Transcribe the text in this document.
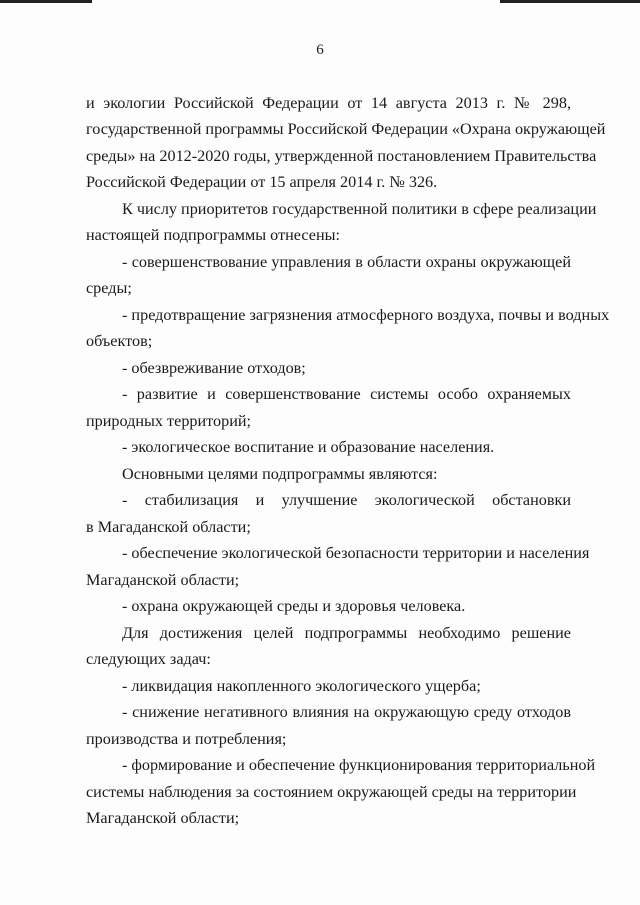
6
и экологии Российской Федерации от 14 августа 2013 г. № 298,
государственной программы Российской Федерации «Охрана окружающей
среды» на 2012-2020 годы, утвержденной постановлением Правительства
Российской Федерации от 15 апреля 2014 г. № 326.
К числу приоритетов государственной политики в сфере реализации
настоящей подпрограммы отнесены:
- совершенствование управления в области охраны окружающей
среды;
- предотвращение загрязнения атмосферного воздуха, почвы и водных
объектов;
- обезвреживание отходов;
- развитие и совершенствование системы особо охраняемых
природных территорий;
- экологическое воспитание и образование населения.
Основными целями подпрограммы являются:
- стабилизация и улучшение экологической обстановки
в Магаданской области;
- обеспечение экологической безопасности территории и населения
Магаданской области;
- охрана окружающей среды и здоровья человека.
Для достижения целей подпрограммы необходимо решение
следующих задач:
- ликвидация накопленного экологического ущерба;
- снижение негативного влияния на окружающую среду отходов
производства и потребления;
- формирование и обеспечение функционирования территориальной
системы наблюдения за состоянием окружающей среды на территории
Магаданской области;
